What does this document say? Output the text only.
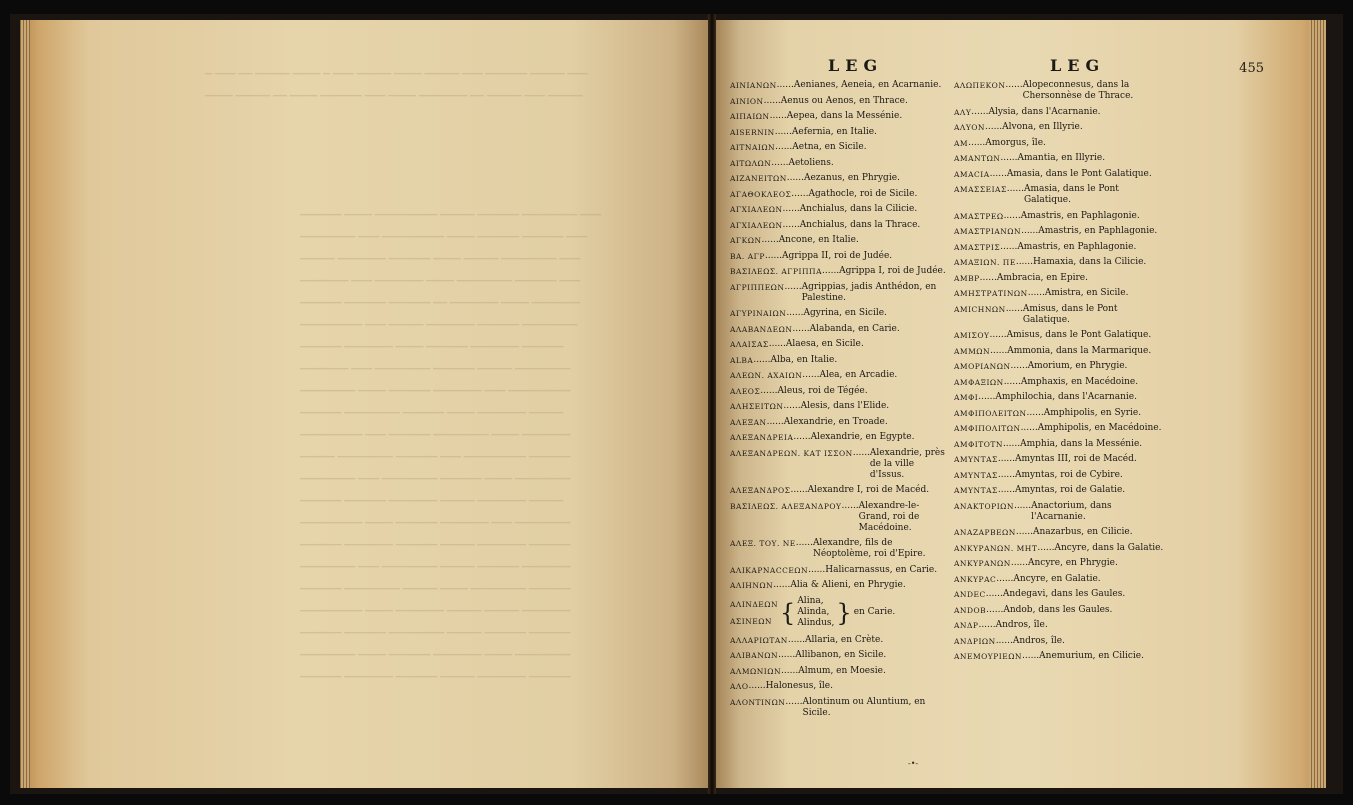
▁ ▁▁▁ ▁▁ ▁▁▁▁▁ ▁▁▁▁ ▁ ▁▁▁ ▁▁▁▁▁ ▁▁▁▁ ▁▁▁▁▁ ▁▁▁ ▁▁▁▁▁▁ ▁▁▁▁▁ ▁▁▁
▁▁▁▁ ▁▁▁▁▁ ▁▁ ▁▁▁▁ ▁▁▁▁▁▁ ▁▁▁ ▁▁▁▁ ▁▁▁▁▁▁▁ ▁▁ ▁▁▁▁▁ ▁▁▁ ▁▁▁▁▁
▁▁▁▁▁▁ ▁▁▁▁ ▁▁▁▁▁▁▁▁▁ ▁▁▁▁▁ ▁▁▁▁▁▁ ▁▁▁▁▁▁▁▁ ▁▁▁
▁▁▁▁▁▁▁▁ ▁▁▁ ▁▁▁▁▁▁▁▁▁ ▁▁▁▁ ▁▁▁▁▁▁ ▁▁▁▁▁▁ ▁▁▁
▁▁▁▁▁ ▁▁▁▁▁▁▁ ▁▁▁▁▁▁ ▁▁▁▁ ▁▁▁▁▁ ▁▁▁▁▁▁▁▁ ▁▁▁
▁▁▁▁▁▁▁ ▁▁▁ ▁▁▁▁▁▁▁ ▁▁▁▁ ▁▁▁▁▁▁▁▁ ▁▁▁▁▁▁ ▁▁▁
▁▁▁▁▁▁ ▁▁▁▁▁▁ ▁▁▁▁▁▁ ▁▁ ▁▁▁▁▁▁▁ ▁▁▁▁ ▁▁▁▁▁▁▁
▁▁▁▁▁▁▁▁▁ ▁▁▁ ▁▁▁▁▁ ▁▁▁▁▁▁▁ ▁▁▁▁▁▁ ▁▁▁▁▁▁▁▁
▁▁▁▁▁▁ ▁▁▁▁▁▁▁ ▁▁▁▁ ▁▁▁▁▁▁ ▁▁▁▁▁▁▁ ▁▁▁▁▁▁
▁▁▁▁▁▁▁ ▁▁▁ ▁▁▁▁▁▁▁▁ ▁▁▁▁▁▁ ▁▁▁▁▁ ▁▁▁▁▁▁▁▁
▁▁▁▁▁▁▁▁ ▁▁▁▁ ▁▁▁▁▁▁ ▁▁▁▁▁▁▁ ▁▁▁ ▁▁▁▁▁▁▁▁▁
▁▁▁▁▁▁ ▁▁▁▁▁▁▁▁ ▁▁▁▁▁▁ ▁▁▁▁ ▁▁▁▁▁▁▁ ▁▁▁▁▁
▁▁▁▁▁▁▁▁▁ ▁▁▁ ▁▁▁▁▁▁ ▁▁▁▁▁▁▁▁ ▁▁▁▁ ▁▁▁▁▁▁▁
▁▁▁▁▁ ▁▁▁▁▁▁▁▁ ▁▁▁▁▁▁ ▁▁▁ ▁▁▁▁▁▁▁▁▁ ▁▁▁▁▁▁
▁▁▁▁▁▁▁▁ ▁▁▁ ▁▁▁▁▁▁▁▁ ▁▁▁▁▁▁ ▁▁▁▁ ▁▁▁▁▁▁▁▁
▁▁▁▁▁▁ ▁▁▁▁▁▁ ▁▁▁▁▁▁▁ ▁▁▁▁▁ ▁▁▁▁▁▁▁ ▁▁▁▁▁
▁▁▁▁▁▁▁▁▁ ▁▁▁▁ ▁▁▁▁▁▁ ▁▁▁▁▁▁▁ ▁▁▁ ▁▁▁▁▁▁▁▁
▁▁▁▁▁▁ ▁▁▁▁▁▁▁ ▁▁▁▁▁▁ ▁▁▁▁▁ ▁▁▁▁▁▁▁ ▁▁▁▁▁▁
▁▁▁▁▁▁▁▁ ▁▁▁ ▁▁▁▁▁▁▁▁ ▁▁▁▁▁ ▁▁▁▁▁▁ ▁▁▁▁▁▁▁
▁▁▁▁▁▁ ▁▁▁▁▁▁▁▁ ▁▁▁▁▁ ▁▁▁▁ ▁▁▁▁▁▁▁▁ ▁▁▁▁▁▁
▁▁▁▁▁▁▁▁▁ ▁▁▁▁ ▁▁▁▁▁▁▁ ▁▁▁▁▁ ▁▁▁▁▁ ▁▁▁▁▁▁▁
▁▁▁▁▁▁ ▁▁▁▁▁▁ ▁▁▁▁▁▁▁▁ ▁▁▁▁▁ ▁▁▁▁▁▁ ▁▁▁▁▁▁
▁▁▁▁▁▁▁▁ ▁▁▁▁ ▁▁▁▁▁▁ ▁▁▁▁▁▁▁ ▁▁▁▁ ▁▁▁▁▁▁▁▁
▁▁▁▁▁▁ ▁▁▁▁▁▁▁ ▁▁▁▁▁▁ ▁▁▁▁▁ ▁▁▁▁▁▁▁ ▁▁▁▁▁▁
LEG	LEG	455
ΑΙΝΙΑΝΩΝ ...... Aenianes, Aeneia, en Acarnanie.
ΑΙΝΙΟΝ ...... Aenus ou Aenos, en Thrace.
ΑΙΠΑΙΩΝ ...... Aepea, dans la Messénie.
ΑΙSERNIN ...... Aefernia, en Italie.
ΑΙΤΝΑΙΩΝ ...... Aetna, en Sicile.
ΑΙΤΩΛΩΝ ...... Aetoliens.
ΑΙΖΑΝΕΙΤΩΝ ...... Aezanus, en Phrygie.
ΑΓΑΘΟΚΛΕΟΣ ...... Agathocle, roi de Sicile.
ΑΓΧΙΑΛΕΩΝ ...... Anchialus, dans la Cilicie.
ΑΓΧΙΑΛΕΩΝ ...... Anchialus, dans la Thrace.
ΑΓΚΩΝ ...... Ancone, en Italie.
ΒΑ. ΑΓΡ ...... Agrippa II, roi de Judée.
ΒΑΣΙΛΕΩΣ. ΑΓΡΙΠΠΑ ...... Agrippa I, roi de Judée.
ΑΓΡΙΠΠΕΩΝ ...... Agrippias, jadis Anthédon, en Palestine.
ΑΓΥΡΙΝΑΙΩΝ ...... Agyrina, en Sicile.
ΑΛΑΒΑΝΔΕΩΝ ...... Alabanda, en Carie.
ΑΛΑΙΣΑΣ ...... Alaesa, en Sicile.
ΑLBA ...... Alba, en Italie.
ΑΛΕΩΝ. ΑΧΑΙΩΝ ...... Alea, en Arcadie.
ΑΛΕΟΣ ...... Aleus, roi de Tégée.
ΑΛΗΣΕΙΤΩΝ ...... Alesis, dans l'Elide.
ΑΛΕΞΑΝ ...... Alexandrie, en Troade.
ΑΛΕΞΑΝΔΡΕΙΑ ...... Alexandrie, en Egypte.
ΑΛΕΞΑΝΔΡΕΩΝ. ΚΑΤ ΙΣΣΟΝ ...... Alexandrie, près de la ville d'Issus.
ΑΛΕΞΑΝΔΡΟΣ ...... Alexandre I, roi de Macéd.
ΒΑΣΙΛΕΩΣ. ΑΛΕΞΑΝΔΡΟΥ ...... Alexandre-le-Grand, roi de Macédoine.
ΑΛΕΞ. ΤΟΥ. ΝΕ ...... Alexandre, fils de Néoptolème, roi d'Epire.
ΑΛΙΚΑΡΝΑCCΕΩΝ ...... Halicarnassus, en Carie.
ΑΛΙΗΝΩΝ ...... Alia & Alieni, en Phrygie.
ΑΛΙΝΔΕΩΝ
ΑΣΙΝΕΩΝ { Alina,
Alinda,
Alindus, } en Carie.
ΑΛΛΑΡΙΩΤΑΝ ...... Allaria, en Crète.
ΑΛΙΒΑΝΩΝ ...... Allibanon, en Sicile.
ΑΛΜΩΝΙΩΝ ...... Almum, en Moesie.
ΑΛΟ ...... Halonesus, île.
ΑΛΟΝΤΙΝΩΝ ...... Alontinum ou Aluntium, en Sicile.
ΑΛΩΠΕΚΟΝ ...... Alopeconnesus, dans la Chersonnèse de Thrace.
ΑΛΥ ...... Alysia, dans l'Acarnanie.
ΑΛΥΟΝ ...... Alvona, en Illyrie.
ΑΜ ...... Amorgus, île.
ΑΜΑΝΤΩΝ ...... Amantia, en Illyrie.
ΑΜΑCΙΑ ...... Amasia, dans le Pont Galatique.
ΑΜΑΣΣΕΙΑΣ ...... Amasia, dans le Pont Galatique.
ΑΜΑΣΤΡΕΩ ...... Amastris, en Paphlagonie.
ΑΜΑΣΤΡΙΑΝΩΝ ...... Amastris, en Paphlagonie.
ΑΜΑΣΤΡΙΣ ...... Amastris, en Paphlagonie.
ΑΜΑΞΙΩΝ. ΠΕ ...... Hamaxia, dans la Cilicie.
ΑΜΒΡ ...... Ambracia, en Epire.
ΑΜΗΣΤΡΑΤΙΝΩΝ ...... Amistra, en Sicile.
ΑΜΙCΗΝΩΝ ...... Amisus, dans le Pont Galatique.
ΑΜΙΣΟΥ ...... Amisus, dans le Pont Galatique.
ΑΜΜΩΝ ...... Ammonia, dans la Marmarique.
ΑΜΟΡΙΑΝΩΝ ...... Amorium, en Phrygie.
ΑΜΦΑΞΙΩΝ ...... Amphaxis, en Macédoine.
ΑΜΦΙ ...... Amphilochia, dans l'Acarnanie.
ΑΜΦΙΠΟΛΕΙΤΩΝ ...... Amphipolis, en Syrie.
ΑΜΦΙΠΟΛΙΤΩΝ ...... Amphipolis, en Macédoine.
ΑΜΦΙΤΟΤΝ ...... Amphia, dans la Messénie.
ΑΜΥΝΤΑΣ ...... Amyntas III, roi de Macéd.
ΑΜΥΝΤΑΣ ...... Amyntas, roi de Cybire.
ΑΜΥΝΤΑΣ ...... Amyntas, roi de Galatie.
ΑΝΑΚΤΟΡΙΩΝ ...... Anactorium, dans l'Acarnanie.
ΑΝΑΖΑΡΒΕΩΝ ...... Anazarbus, en Cilicie.
ΑΝΚΥΡΑΝΩΝ. ΜΗΤ ...... Ancyre, dans la Galatie.
ΑΝΚΥΡΑΝΩΝ ...... Ancyre, en Phrygie.
ΑΝΚΥΡΑC ...... Ancyre, en Galatie.
ΑΝDEC ...... Andegavi, dans les Gaules.
ΑΝDOB ...... Andob, dans les Gaules.
ΑΝΔΡ ...... Andros, île.
ΑΝΔΡΙΩΝ ...... Andros, île.
ΑΝΕΜΟΥΡΙΕΩΝ ...... Anemurium, en Cilicie.
-•-
